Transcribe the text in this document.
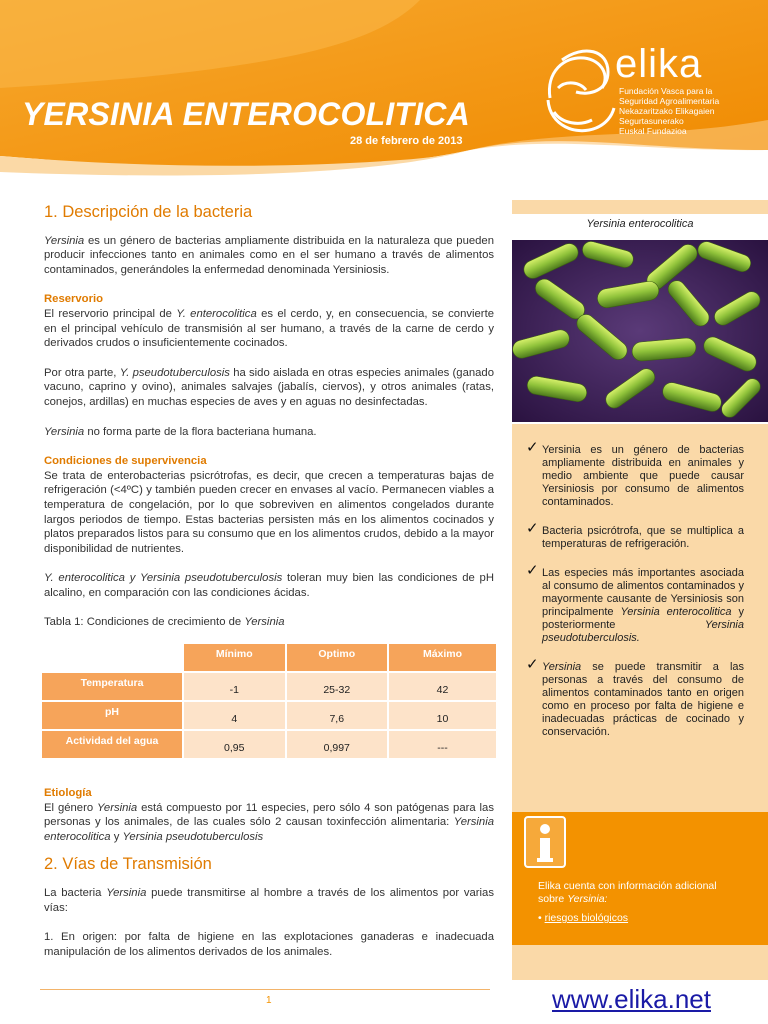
YERSINIA ENTEROCOLITICA
28 de febrero de 2013
elika
Fundación Vasca para la
Seguridad Agroalimentaria
Nekazaritzako Elikagaien
Segurtasunerako
Euskal Fundazioa
Yersinia enterocolitica
✓ Yersinia es un género de bacterias ampliamente distribuida en animales y medio ambiente que puede causar Yersiniosis por consumo de alimentos contaminados.
✓ Bacteria psicrótrofa, que se multiplica a temperaturas de refrigeración.
✓ Las especies más importantes asociada al consumo de alimentos contaminados y mayormente causante de Yersiniosis son principalmente Yersinia enterocolitica y posteriormente Yersinia pseudotuberculosis.
✓ Yersinia se puede transmitir a las personas a través del consumo de alimentos contaminados tanto en origen como en proceso por falta de higiene e inadecuadas prácticas de cocinado y conservación.
Elika cuenta con información adicional sobre Yersinia:
• riesgos biológicos
1. Descripción de la bacteria

Yersinia es un género de bacterias ampliamente distribuida en la naturaleza que pueden producir infecciones tanto en animales como en el ser humano a través de alimentos contaminados, generándoles la enfermedad denominada Yersiniosis.

Reservorio

El reservorio principal de Y. enterocolitica es el cerdo, y, en consecuencia, se convierte en el principal vehículo de transmisión al ser humano, a través de la carne de cerdo y derivados crudos o insuficientemente cocinados.

Por otra parte, Y. pseudotuberculosis ha sido aislada en otras especies animales (ganado vacuno, caprino y ovino), animales salvajes (jabalís, ciervos), y otros animales (ratas, conejos, ardillas) en muchas especies de aves y en aguas no desinfectadas.

Yersinia no forma parte de la flora bacteriana humana.

Condiciones de supervivencia

Se trata de enterobacterias psicrótrofas, es decir, que crecen a temperaturas bajas de refrigeración (<4ºC) y también pueden crecer en envases al vacío. Permanecen viables a temperatura de congelación, por lo que sobreviven en alimentos congelados durante largos periodos de tiempo. Estas bacterias persisten más en los alimentos cocinados y platos preparados listos para su consumo que en los alimentos crudos, debido a la mayor disponibilidad de nutrientes.

Y. enterocolitica y Yersinia pseudotuberculosis toleran muy bien las condiciones de pH alcalino, en comparación con las condiciones ácidas.

Tabla 1: Condiciones de crecimiento de Yersinia

	Mínimo	Optimo	Máximo
Temperatura	-1	25-32	42
pH	4	7,6	10
Actividad del agua	0,95	0,997	---
Etiología

El género Yersinia está compuesto por 11 especies, pero sólo 4 son patógenas para las personas y los animales, de las cuales sólo 2 causan toxinfección alimentaria: Yersinia enterocolitica y Yersinia pseudotuberculosis

2. Vías de Transmisión

La bacteria Yersinia puede transmitirse al hombre a través de los alimentos por varias vías:

1. En origen: por falta de higiene en las explotaciones ganaderas e inadecuada manipulación de los alimentos derivados de los animales.

1	www.elika.net
